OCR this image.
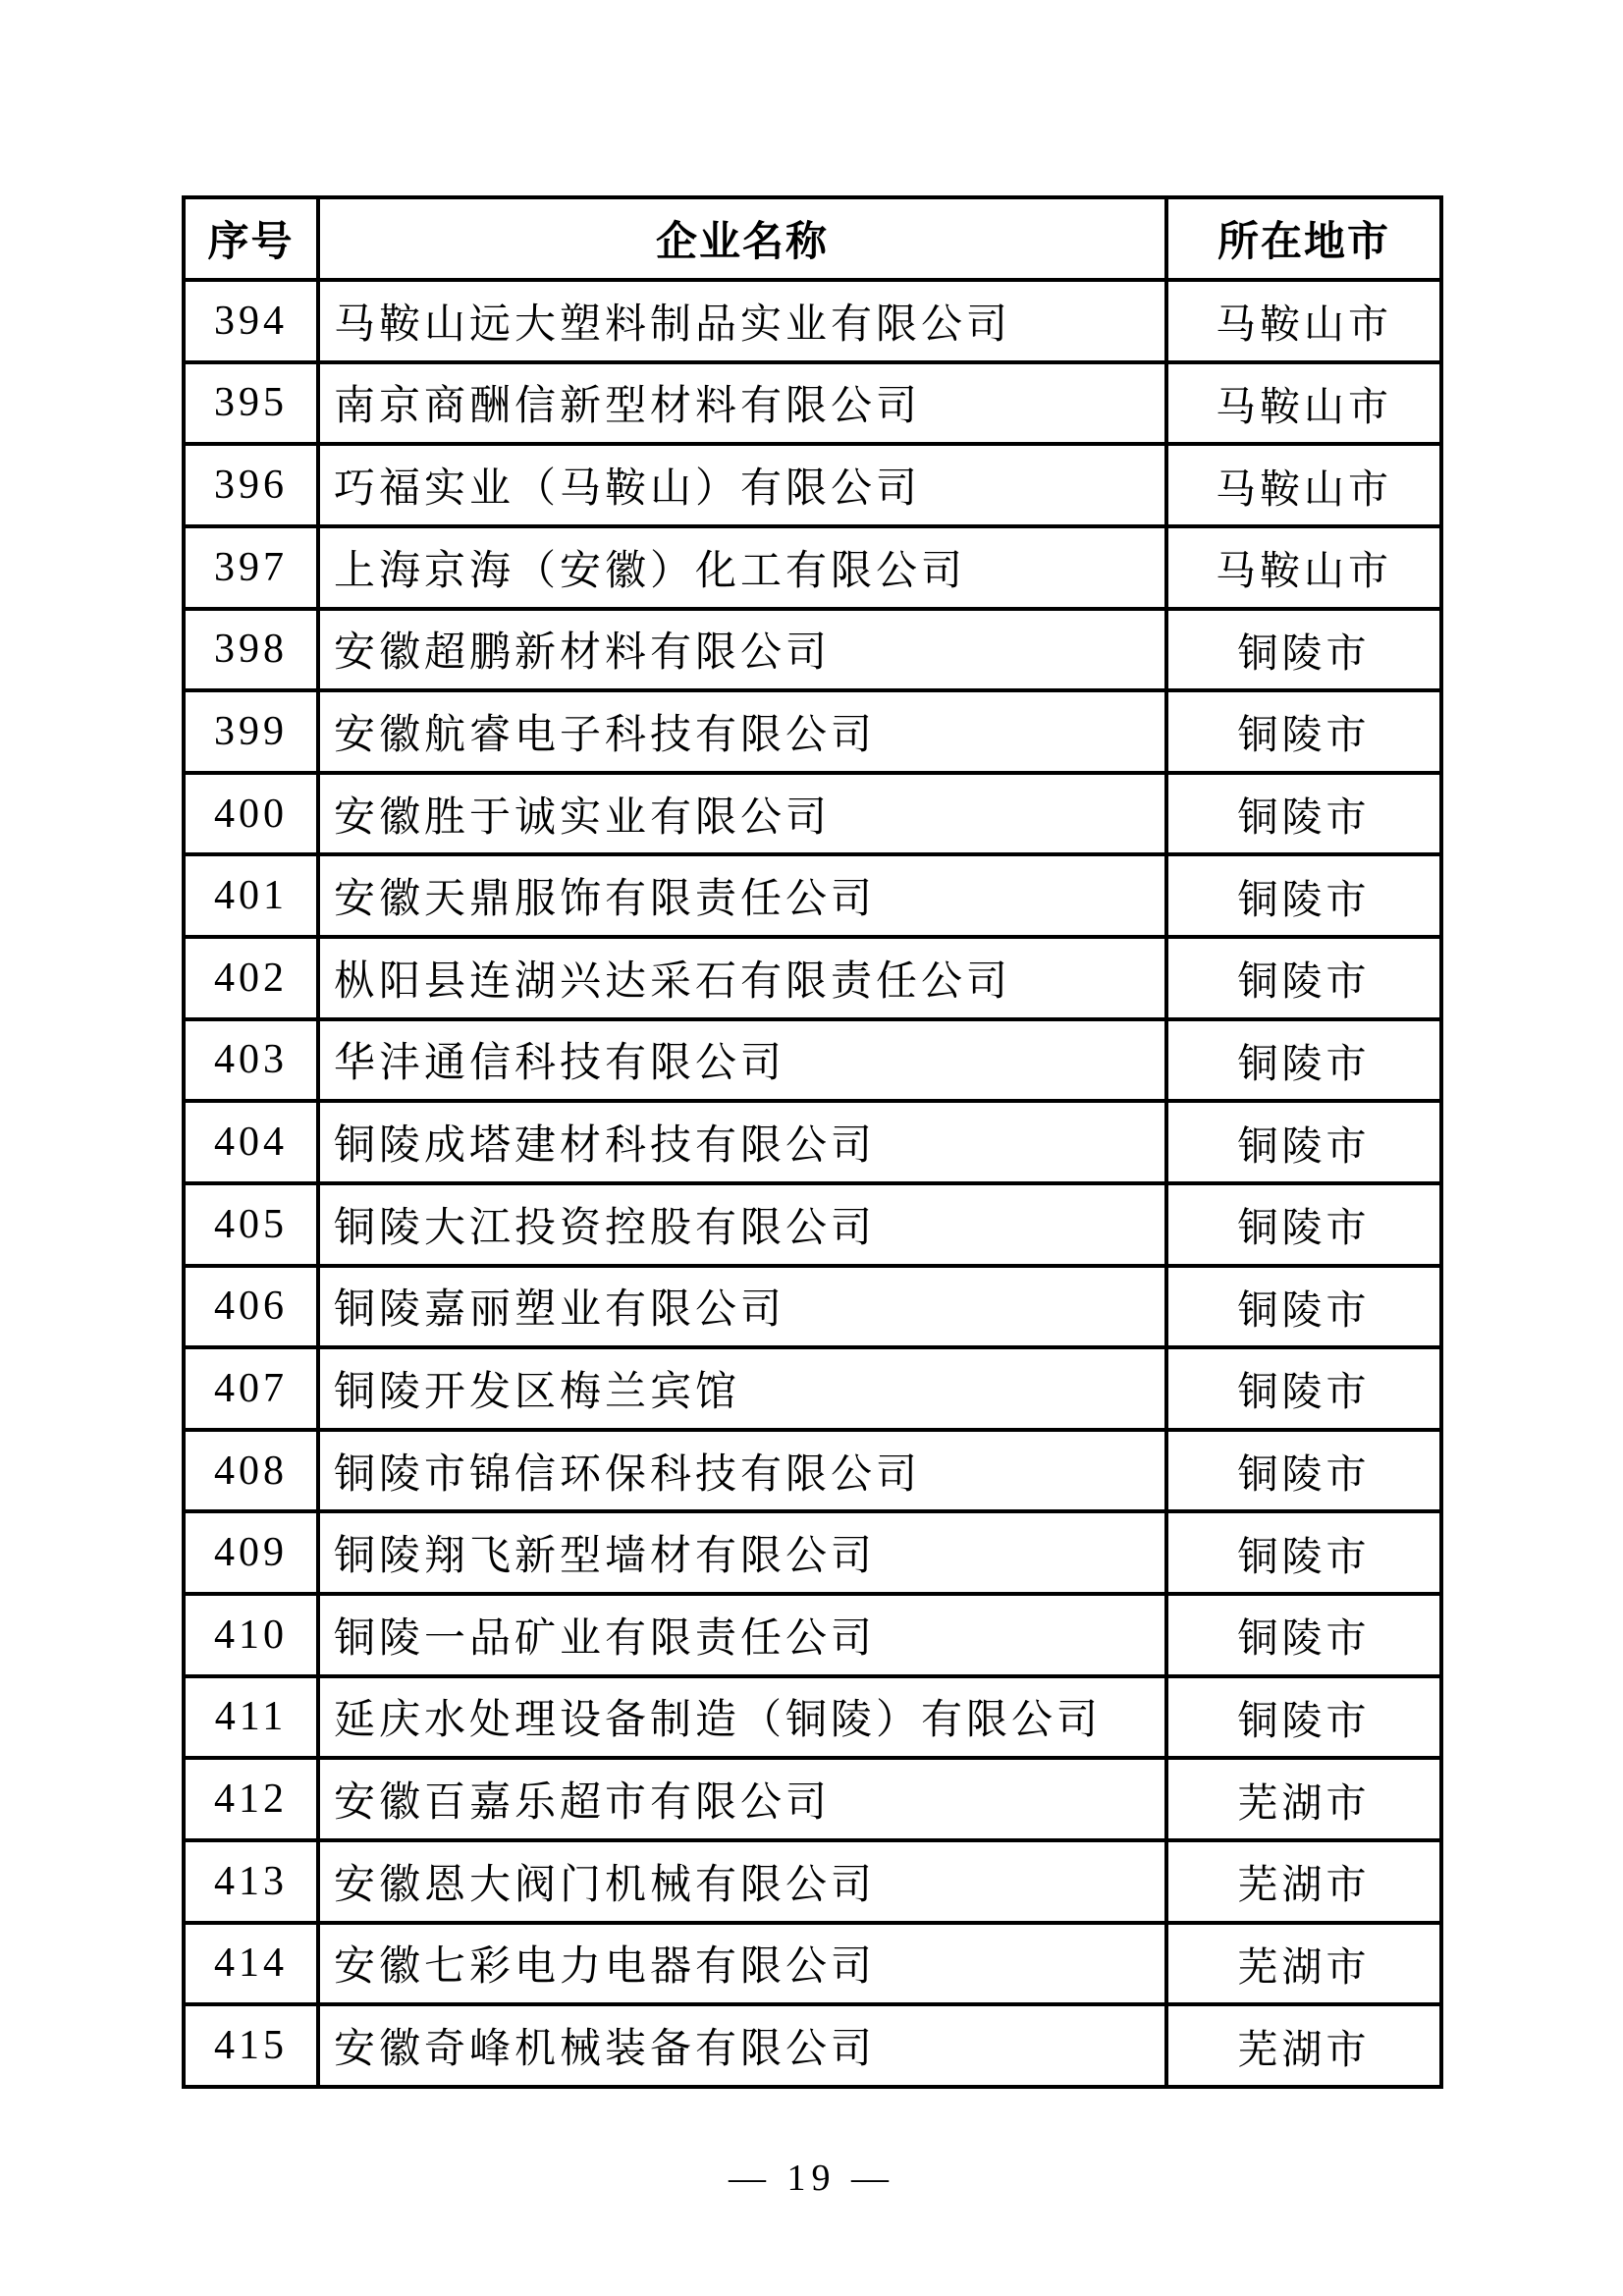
序号	企业名称	所在地市
394	马鞍山远大塑料制品实业有限公司	马鞍山市
395	南京商酬信新型材料有限公司	马鞍山市
396	巧福实业（马鞍山）有限公司	马鞍山市
397	上海京海（安徽）化工有限公司	马鞍山市
398	安徽超鹏新材料有限公司	铜陵市
399	安徽航睿电子科技有限公司	铜陵市
400	安徽胜于诚实业有限公司	铜陵市
401	安徽天鼎服饰有限责任公司	铜陵市
402	枞阳县连湖兴达采石有限责任公司	铜陵市
403	华沣通信科技有限公司	铜陵市
404	铜陵成塔建材科技有限公司	铜陵市
405	铜陵大江投资控股有限公司	铜陵市
406	铜陵嘉丽塑业有限公司	铜陵市
407	铜陵开发区梅兰宾馆	铜陵市
408	铜陵市锦信环保科技有限公司	铜陵市
409	铜陵翔飞新型墙材有限公司	铜陵市
410	铜陵一品矿业有限责任公司	铜陵市
411	延庆水处理设备制造（铜陵）有限公司	铜陵市
412	安徽百嘉乐超市有限公司	芜湖市
413	安徽恩大阀门机械有限公司	芜湖市
414	安徽七彩电力电器有限公司	芜湖市
415	安徽奇峰机械装备有限公司	芜湖市
— 19 —
